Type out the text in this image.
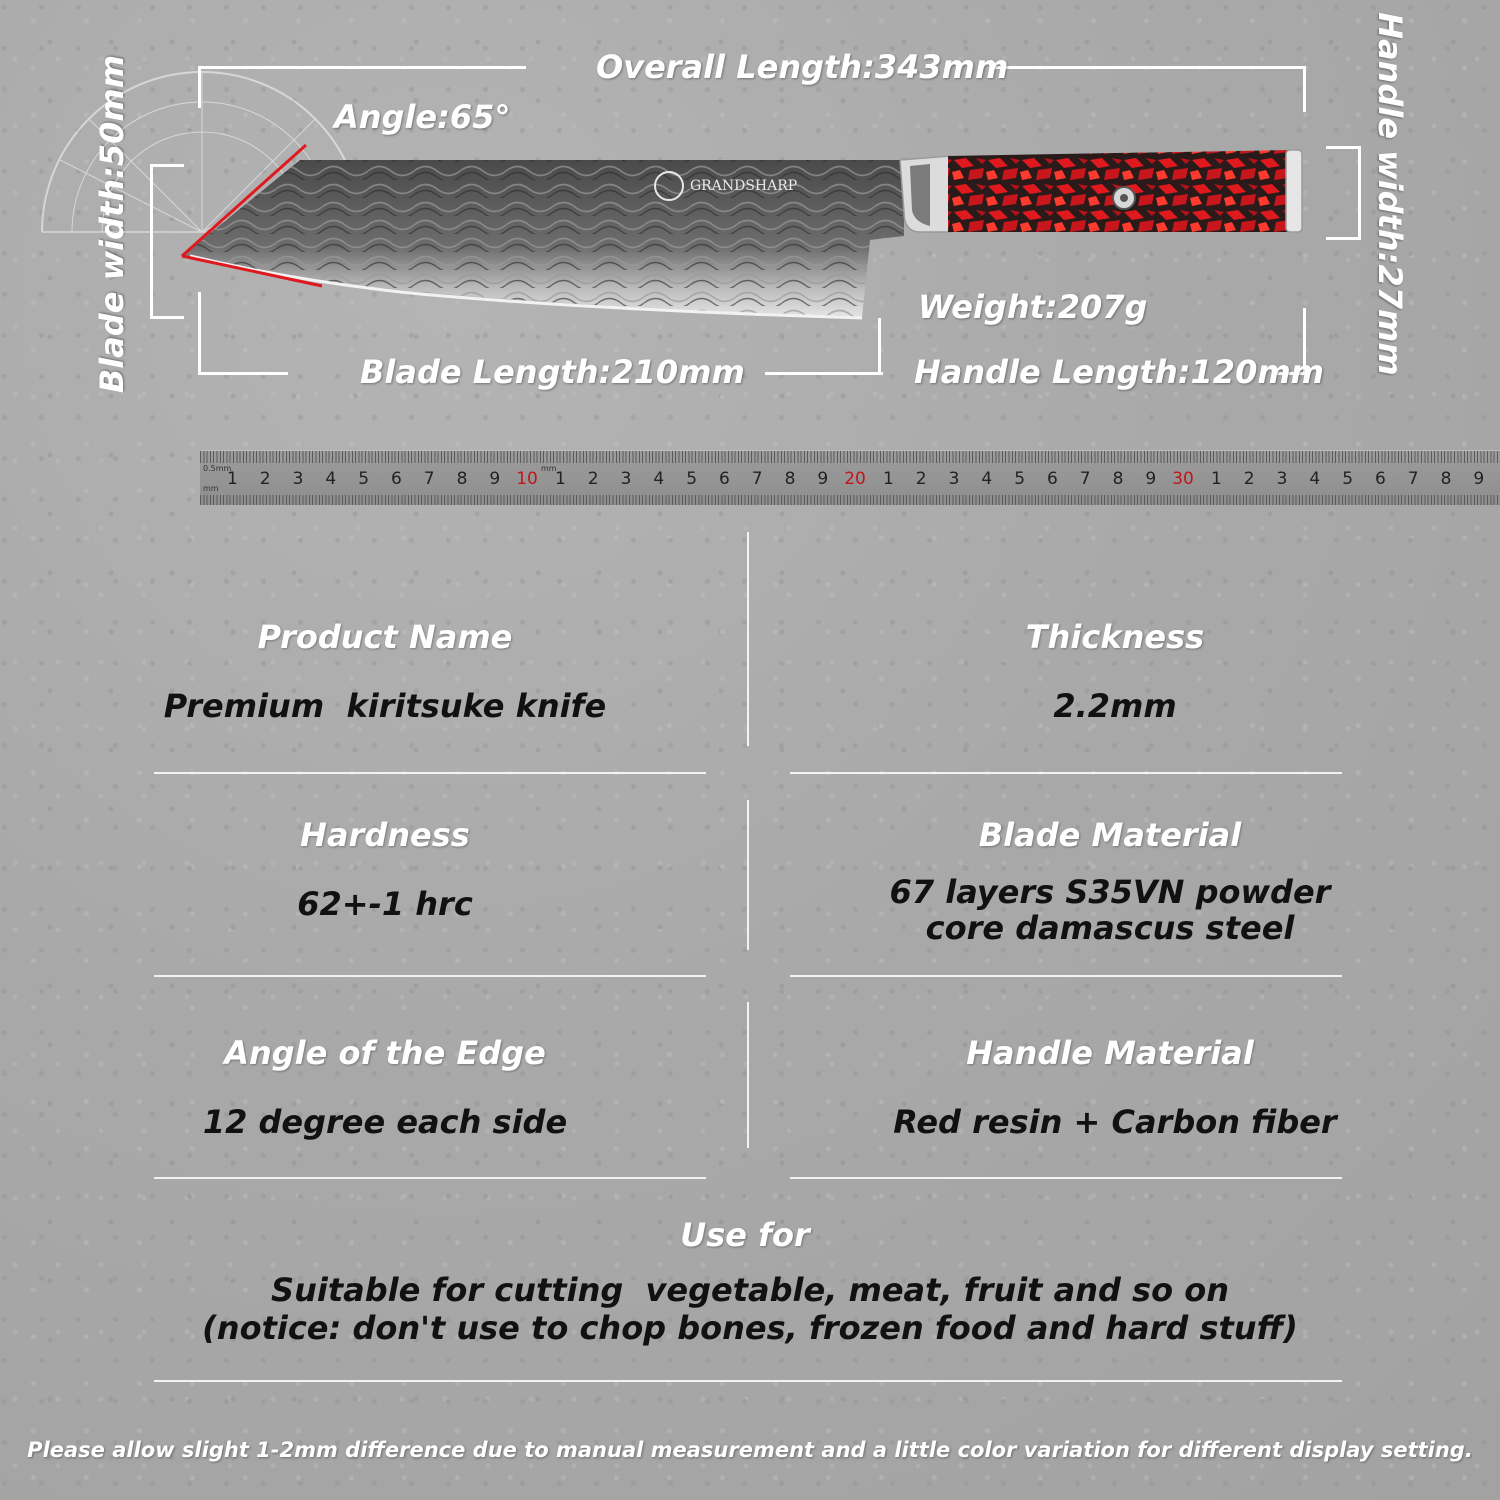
Overall Length:343mm
Angle:65°
Weight:207g
Blade Length:210mm	Handle Length:120mm
Blade width:50mm	Handle width:27mm
GRANDSHARP
0.5mm
mm
mm
1 2 3 4 5 6 7 8 9 10 1 2 3 4 5 6 7 8 9 20 1 2 3 4 5 6 7 8 9 30 1 2 3 4 5 6 7 8 9
Product Name
Premium  kiritsuke knife
Thickness
2.2mm
Hardness
62+-1 hrc
Blade Material
67 layers S35VN powder
core damascus steel
Angle of the Edge
12 degree each side
Handle Material
Red resin + Carbon fiber
Use for
Suitable for cutting  vegetable, meat, fruit and so on
(notice: don't use to chop bones, frozen food and hard stuff)
Please allow slight 1-2mm difference due to manual measurement and a little color variation for different display setting.
